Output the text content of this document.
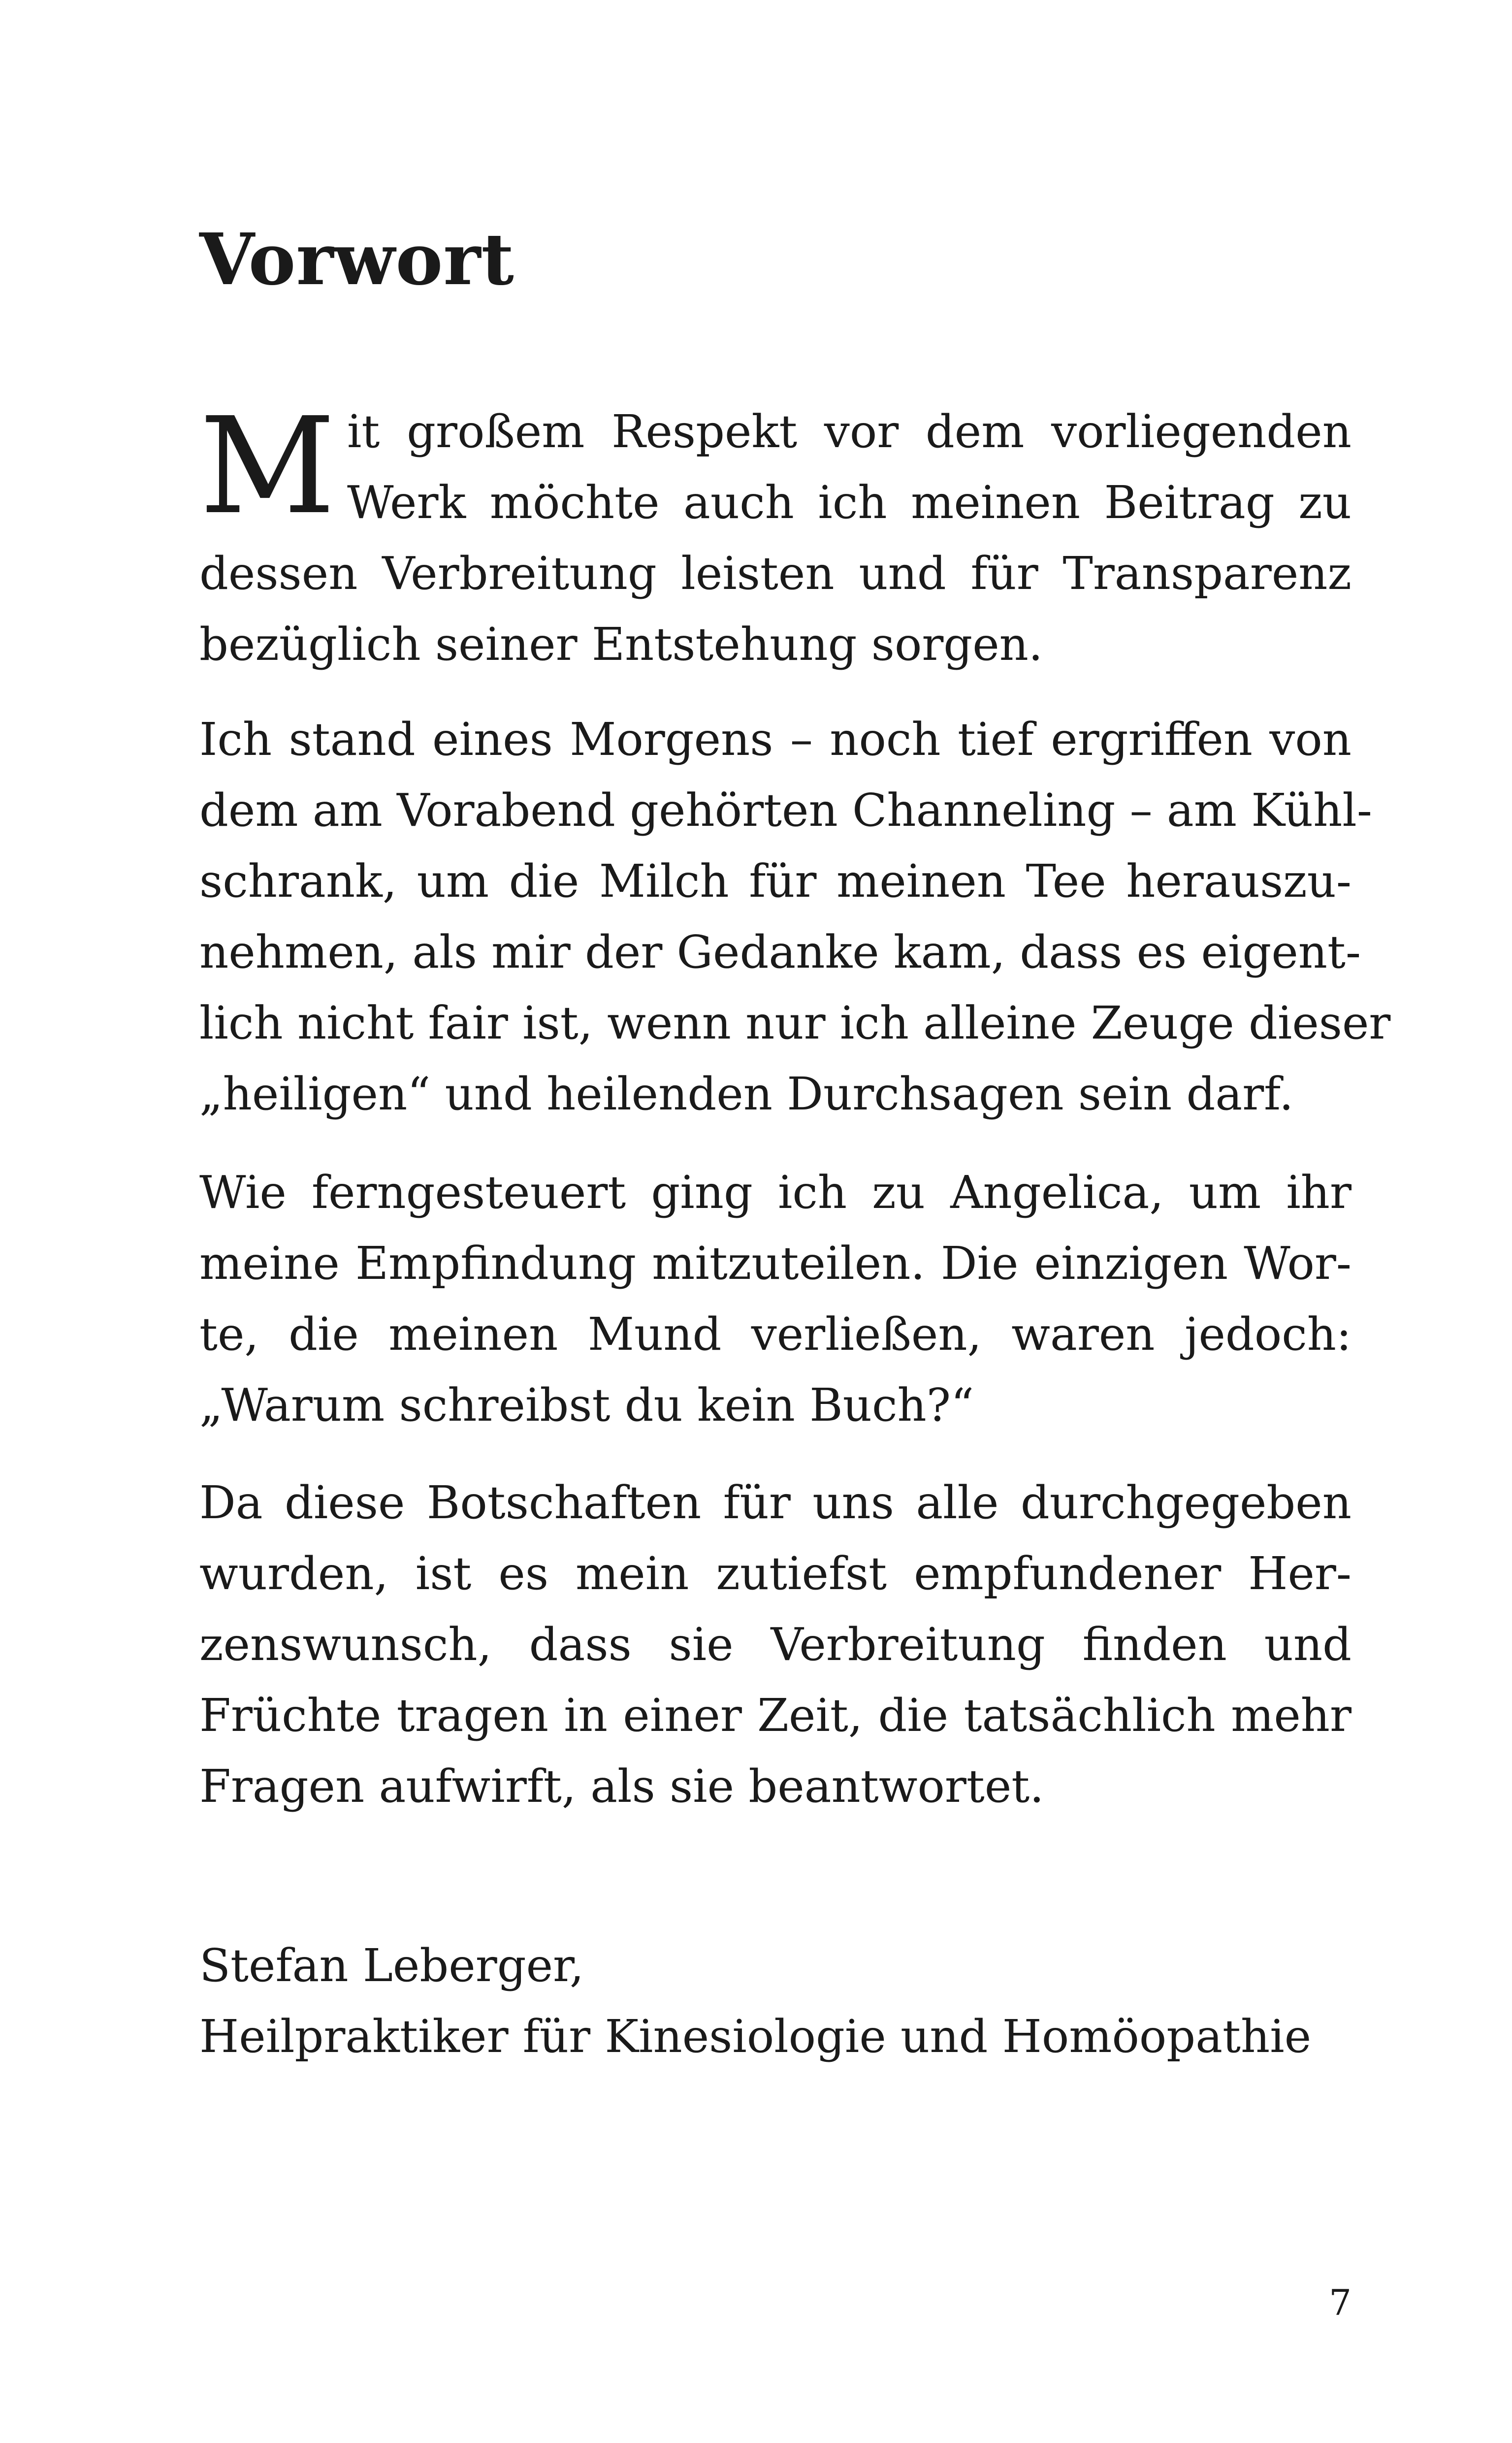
Vorwort
M it großem Respekt vor dem vorliegenden
Werk möchte auch ich meinen Beitrag zu
dessen Verbreitung leisten und für Transparenz
bezüglich seiner Entstehung sorgen.
Ich stand eines Morgens – noch tief ergriffen von
dem am Vorabend gehörten Channeling – am Kühl-
schrank, um die Milch für meinen Tee herauszu-
nehmen, als mir der Gedanke kam, dass es eigent-
lich nicht fair ist, wenn nur ich alleine Zeuge dieser
„heiligen“ und heilenden Durchsagen sein darf.
Wie ferngesteuert ging ich zu Angelica, um ihr
meine Empfindung mitzuteilen. Die einzigen Wor-
te, die meinen Mund verließen, waren jedoch:
„Warum schreibst du kein Buch?“
Da diese Botschaften für uns alle durchgegeben
wurden, ist es mein zutiefst empfundener Her-
zenswunsch, dass sie Verbreitung finden und
Früchte tragen in einer Zeit, die tatsächlich mehr
Fragen aufwirft, als sie beantwortet.
Stefan Leberger,
Heilpraktiker für Kinesiologie und Homöopathie
7
